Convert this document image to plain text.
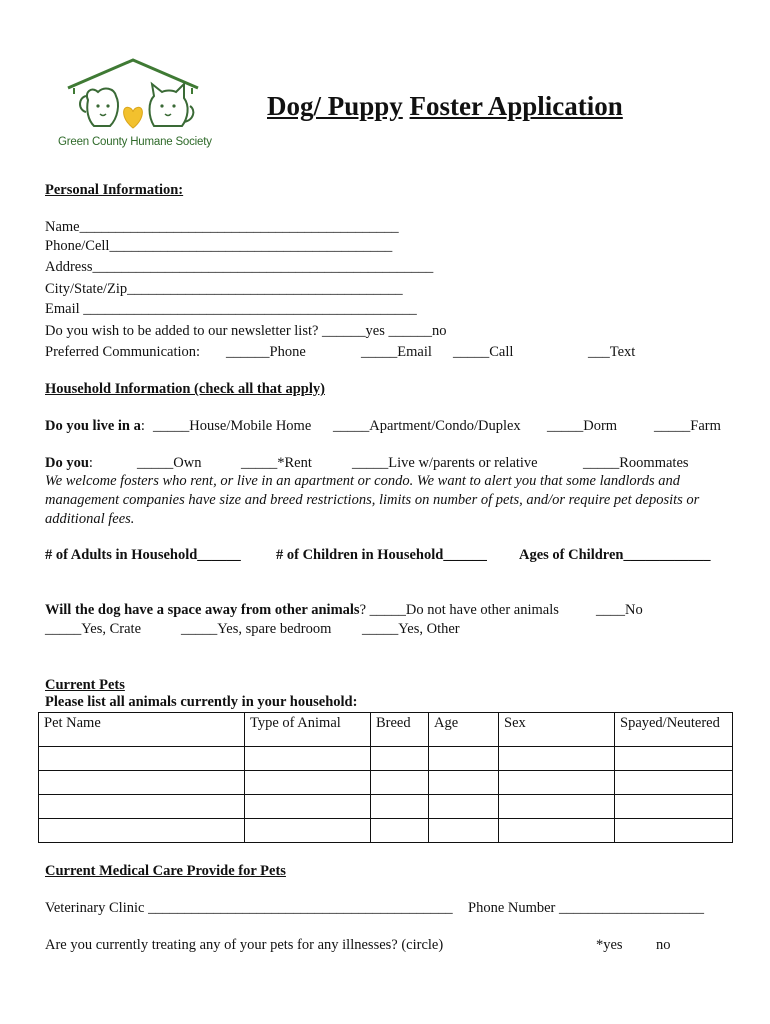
Green County Humane Society
Dog/ Puppy Foster Application
Personal Information:
Name____________________________________________
Phone/Cell_______________________________________
Address_______________________________________________
City/State/Zip______________________________________
Email ______________________________________________
Do you wish to be added to our newsletter list? ______yes ______no
Preferred Communication: ______Phone	_____Email _____Call	___Text
Household Information (check all that apply)
Do you live in a: _____House/Mobile Home _____Apartment/Condo/Duplex _____Dorm	_____Farm
Do you:	_____Own	_____*Rent	_____Live w/parents or relative	_____Roommates
We welcome fosters who rent, or live in an apartment or condo. We want to alert you that some landlords and management companies have size and breed restrictions, limits on number of pets, and/or require pet deposits or additional fees.
# of Adults in Household______ # of Children in Household______ Ages of Children____________
Will the dog have a space away from other animals? _____Do not have other animals	____No
_____Yes, Crate	_____Yes, spare bedroom _____Yes, Other
Current Pets
Please list all animals currently in your household:
Pet Name	Type of Animal	Breed	Age	Sex	Spayed/Neutered

Current Medical Care Provide for Pets
Veterinary Clinic __________________________________________ Phone Number ____________________
Are you currently treating any of your pets for any illnesses? (circle)	*yes no
